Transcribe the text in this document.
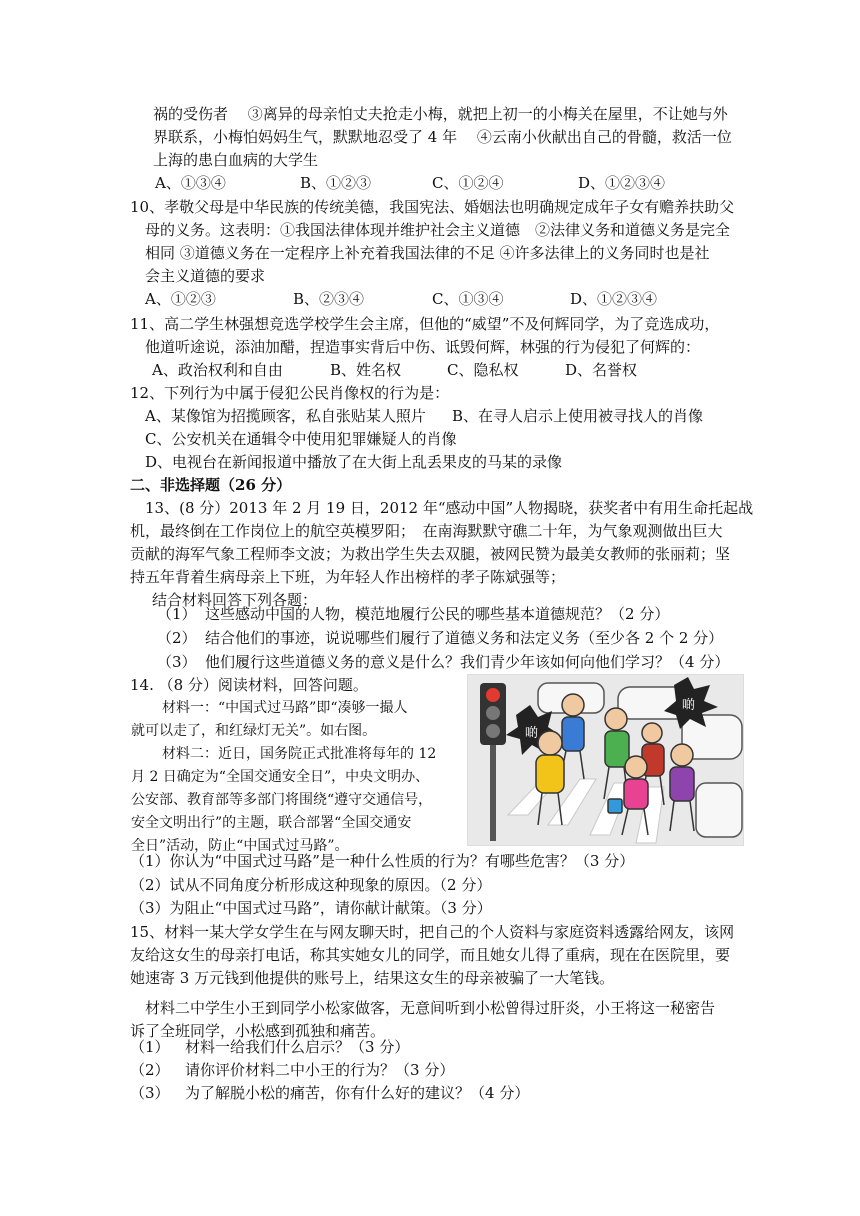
祸的受伤者　 ③离异的母亲怕丈夫抢走小梅，就把上初一的小梅关在屋里，不让她与外
界联系，小梅怕妈妈生气，默默地忍受了 4 年　 ④云南小伙献出自己的骨髓，救活一位
上海的患白血病的大学生
A、①③④	B、①②③	C、①②④	D、①②③④
10、孝敬父母是中华民族的传统美德，我国宪法、婚姻法也明确规定成年子女有赡养扶助父
母的义务。这表明：①我国法律体现并维护社会主义道德　②法律义务和道德义务是完全
相同 ③道德义务在一定程序上补充着我国法律的不足 ④许多法律上的义务同时也是社
会主义道德的要求
A、①②③	B、②③④	C、①③④	D、①②③④
11、高二学生林强想竞选学校学生会主席，但他的“威望”不及何辉同学，为了竞选成功，
他道听途说，添油加醋，捏造事实背后中伤、诋毁何辉，林强的行为侵犯了何辉的：
A、政治权利和自由	B、姓名权	C、隐私权	D、名誉权
12、下列行为中属于侵犯公民肖像权的行为是：
A、某像馆为招揽顾客，私自张贴某人照片 B、在寻人启示上使用被寻找人的肖像
C、公安机关在通辑令中使用犯罪嫌疑人的肖像
D、电视台在新闻报道中播放了在大街上乱丢果皮的马某的录像
二、非选择题（26 分）
13、(8 分）2013 年 2 月 19 日，2012 年“感动中国”人物揭晓，获奖者中有用生命托起战
机，最终倒在工作岗位上的航空英模罗阳；　在南海默默守礁二十年，为气象观测做出巨大
贡献的海军气象工程师李文波；为救出学生失去双腿，被网民赞为最美女教师的张丽莉；坚
持五年背着生病母亲上下班，为年轻人作出榜样的孝子陈斌强等；
结合材料回答下列各题：
（1） 这些感动中国的人物，模范地履行公民的哪些基本道德规范？（2 分）
（2） 结合他们的事迹，说说哪些们履行了道德义务和法定义务（至少各 2 个 2 分）
（3） 他们履行这些道德义务的意义是什么？我们青少年该如何向他们学习？（4 分）
14. （8 分）阅读材料，回答问题。
材料一：“中国式过马路”即“凑够一撮人
就可以走了，和红绿灯无关”。如右图。
材料二：近日，国务院正式批准将每年的 12
月 2 日确定为“全国交通安全日”，中央文明办、
公安部、教育部等多部门将围绕“遵守交通信号，
安全文明出行”的主题，联合部署“全国交通安
全日”活动，防止“中国式过马路”。
啲
啲
（1）你认为“中国式过马路”是一种什么性质的行为？有哪些危害？（3 分）
（2）试从不同角度分析形成这种现象的原因。（2 分）
（3）为阻止“中国式过马路”，请你献计献策。（3 分）
15、材料一某大学女学生在与网友聊天时，把自己的个人资料与家庭资料透露给网友，该网
友给这女生的母亲打电话，称其实她女儿的同学，而且她女儿得了重病，现在在医院里，要
她速寄 3 万元钱到他提供的账号上，结果这女生的母亲被骗了一大笔钱。
材料二中学生小王到同学小松家做客，无意间听到小松曾得过肝炎，小王将这一秘密告
诉了全班同学，小松感到孤独和痛苦。
（1） 材料一给我们什么启示？（3 分）
（2） 请你评价材料二中小王的行为？（3 分）
（3） 为了解脱小松的痛苦，你有什么好的建议？（4 分）
